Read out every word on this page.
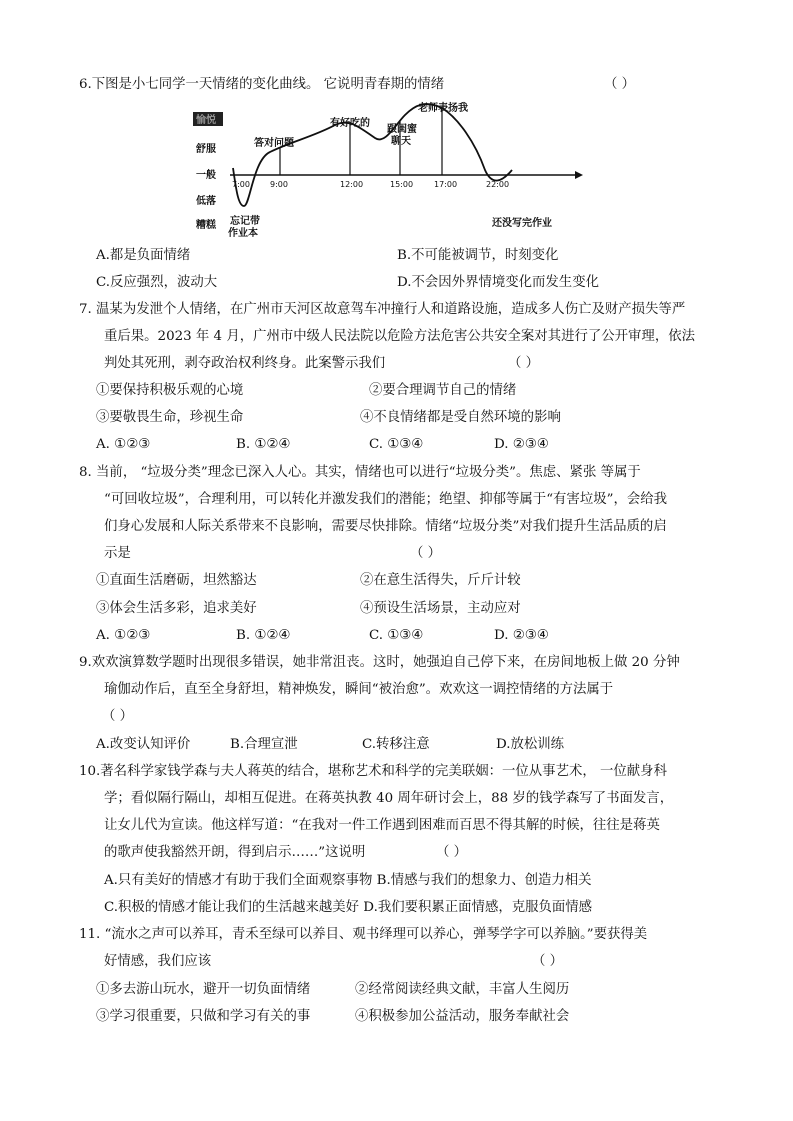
6.下图是小七同学一天情绪的变化曲线。 它说明青春期的情绪	（ ）
愉悦
舒服
一般
低落
糟糕
7:00	9:00	12:00	15:00	17:00	22:00
答对问题
有好吃的
跟闺蜜
聊天
老师表扬我
忘记带
作业本
还没写完作业
A.都是负面情绪	B.不可能被调节，时刻变化
C.反应强烈，波动大	D.不会因外界情境变化而发生变化
7. 温某为发泄个人情绪，在广州市天河区故意驾车冲撞行人和道路设施，造成多人伤亡及财产损失等严
重后果。2023 年 4 月，广州市中级人民法院以危险方法危害公共安全案对其进行了公开审理，依法
判处其死刑，剥夺政治权利终身。此案警示我们	（ ）
①要保持积极乐观的心境	②要合理调节自己的情绪
③要敬畏生命，珍视生命	④不良情绪都是受自然环境的影响
A. ①②③	B. ①②④	C. ①③④	D. ②③④
8. 当前， “垃圾分类”理念已深入人心。其实，情绪也可以进行“垃圾分类”。焦虑、紧张 等属于
“可回收垃圾”，合理利用，可以转化并激发我们的潜能；绝望、抑郁等属于“有害垃圾”，会给我
们身心发展和人际关系带来不良影响，需要尽快排除。情绪“垃圾分类”对我们提升生活品质的启
示是	（ ）
①直面生活磨砺，坦然豁达	②在意生活得失，斤斤计较
③体会生活多彩，追求美好	④预设生活场景，主动应对
A. ①②③	B. ①②④	C. ①③④	D. ②③④
9.欢欢演算数学题时出现很多错误，她非常沮丧。这时，她强迫自己停下来，在房间地板上做 20 分钟
瑜伽动作后，直至全身舒坦，精神焕发，瞬间“被治愈”。欢欢这一调控情绪的方法属于
（ ）
A.改变认知评价	B.合理宣泄	C.转移注意	D.放松训练
10.著名科学家钱学森与夫人蒋英的结合，堪称艺术和科学的完美联姻：一位从事艺术， 一位献身科
学；看似隔行隔山，却相互促进。在蒋英执教 40 周年研讨会上，88 岁的钱学森写了书面发言，
让女儿代为宣读。他这样写道：“在我对一件工作遇到困难而百思不得其解的时候，往往是蒋英
的歌声使我豁然开朗，得到启示……”这说明	（ ）
A.只有美好的情感才有助于我们全面观察事物 B.情感与我们的想象力、创造力相关
C.积极的情感才能让我们的生活越来越美好 D.我们要积累正面情感，克服负面情感
11. “流水之声可以养耳，青禾至绿可以养目、观书绎理可以养心，弹琴学字可以养脑。”要获得美
好情感，我们应该	（ ）
①多去游山玩水，避开一切负面情绪	②经常阅读经典文献，丰富人生阅历
③学习很重要，只做和学习有关的事	④积极参加公益活动，服务奉献社会
